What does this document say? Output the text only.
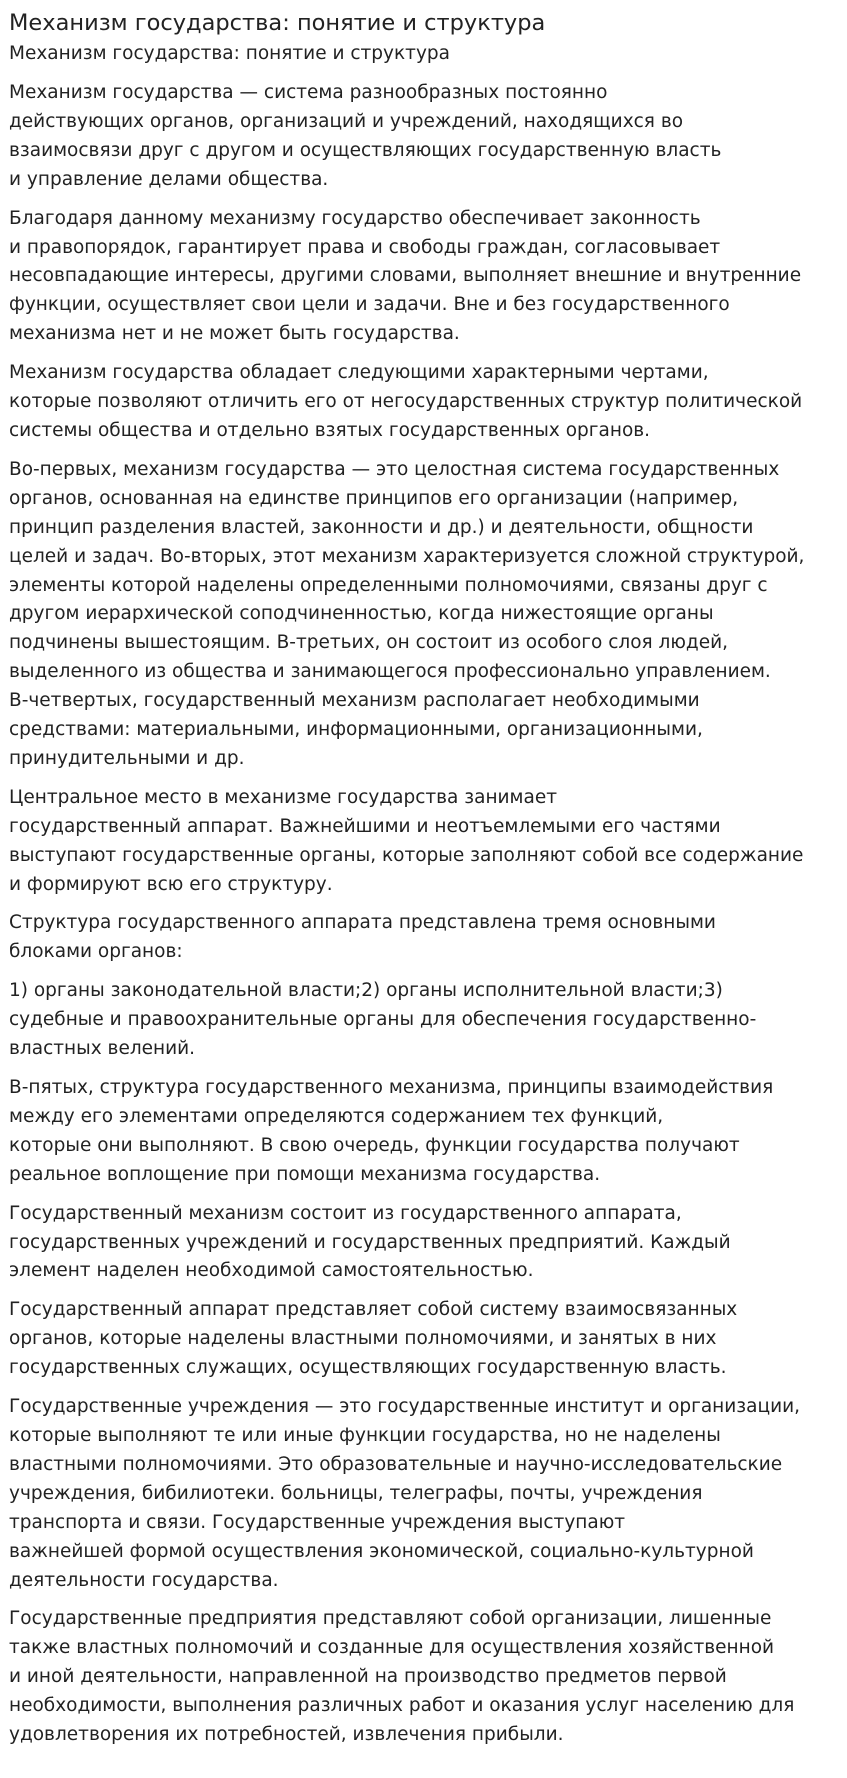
Механизм государства: понятие и структура
Механизм государства: понятие и структура

Механизм государства — система разнообразных постоянно
действующих органов, организаций и учреждений, находящихся во
взаимосвязи друг с другом и осуществляющих государственную власть
и управление делами общества.

Благодаря данному механизму государство обеспечивает законность
и правопорядок, гарантирует права и свободы граждан, согласовывает
несовпадающие интересы, другими словами, выполняет внешние и внутренние
функции, осуществляет свои цели и задачи. Вне и без государственного
механизма нет и не может быть государства.

Механизм государства обладает следующими характерными чертами,
которые позволяют отличить его от негосударственных структур политической
системы общества и отдельно взятых государственных органов.

Во-первых, механизм государства — это целостная система государственных
органов, основанная на единстве принципов его организации (например,
принцип разделения властей, законности и др.) и деятельности, общности
целей и задач. Во-вторых, этот механизм характеризуется сложной структурой,
элементы которой наделены определенными полномочиями, связаны друг с
другом иерархической соподчиненностью, когда нижестоящие органы
подчинены вышестоящим. В-третьих, он состоит из особого слоя людей,
выделенного из общества и занимающегося профессионально управлением.
В-четвертых, государственный механизм располагает необходимыми
средствами: материальными, информационными, организационными,
принудительными и др.

Центральное место в механизме государства занимает
государственный аппарат. Важнейшими и неотъемлемыми его частями
выступают государственные органы, которые заполняют собой все содержание
и формируют всю его структуру.

Структура государственного аппарата представлена тремя основными
блоками органов:

1) органы законодательной власти;2) органы исполнительной власти;3)
судебные и правоохранительные органы для обеспечения государственно-
властных велений.

В-пятых, структура государственного механизма, принципы взаимодействия
между его элементами определяются содержанием тех функций,
которые они выполняют. В свою очередь, функции государства получают
реальное воплощение при помощи механизма государства.

Государственный механизм состоит из государственного аппарата,
государственных учреждений и государственных предприятий. Каждый
элемент наделен необходимой самостоятельностью.

Государственный аппарат представляет собой систему взаимосвязанных
органов, которые наделены властными полномочиями, и занятых в них
государственных служащих, осуществляющих государственную власть.

Государственные учреждения — это государственные институт и организации,
которые выполняют те или иные функции государства, но не наделены
властными полномочиями. Это образовательные и научно-исследовательские
учреждения, бибилиотеки. больницы, телеграфы, почты, учреждения
транспорта и связи. Государственные учреждения выступают
важнейшей формой осуществления экономической, социально-культурной
деятельности государства.

Государственные предприятия представляют собой организации, лишенные
также властных полномочий и созданные для осуществления хозяйственной
и иной деятельности, направленной на производство предметов первой
необходимости, выполнения различных работ и оказания услуг населению для
удовлетворения их потребностей, извлечения прибыли.
